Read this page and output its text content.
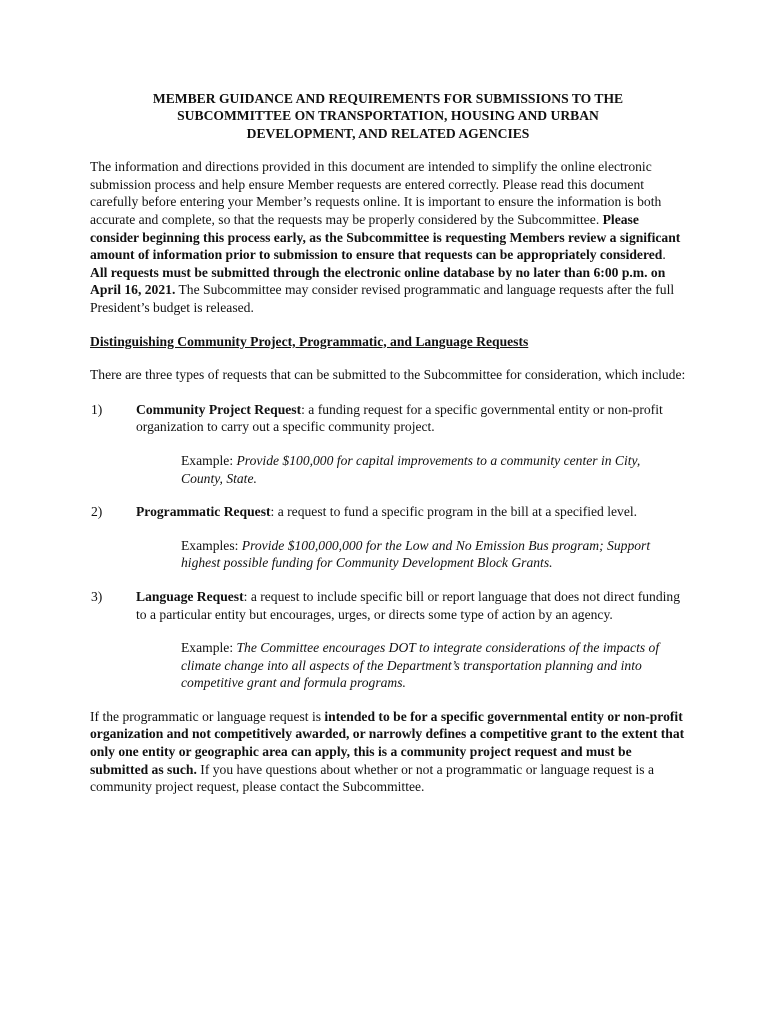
MEMBER GUIDANCE AND REQUIREMENTS FOR SUBMISSIONS TO THE
SUBCOMMITTEE ON TRANSPORTATION, HOUSING AND URBAN
DEVELOPMENT, AND RELATED AGENCIES

The information and directions provided in this document are intended to simplify the online electronic submission process and help ensure Member requests are entered correctly. Please read this document carefully before entering your Member’s requests online. It is important to ensure the information is both accurate and complete, so that the requests may be properly considered by the Subcommittee. Please consider beginning this process early, as the Subcommittee is requesting Members review a significant amount of information prior to submission to ensure that requests can be appropriately considered. All requests must be submitted through the electronic online database by no later than 6:00 p.m. on April 16, 2021. The Subcommittee may consider revised programmatic and language requests after the full President’s budget is released.

Distinguishing Community Project, Programmatic, and Language Requests

There are three types of requests that can be submitted to the Subcommittee for consideration, which include:

1)	Community Project Request: a funding request for a specific governmental entity or non-profit organization to carry out a specific community project.

Example: Provide $100,000 for capital improvements to a community center in City, County, State.

2)	Programmatic Request: a request to fund a specific program in the bill at a specified level.

Examples: Provide $100,000,000 for the Low and No Emission Bus program; Support highest possible funding for Community Development Block Grants.

3)	Language Request: a request to include specific bill or report language that does not direct funding to a particular entity but encourages, urges, or directs some type of action by an agency.

Example: The Committee encourages DOT to integrate considerations of the impacts of climate change into all aspects of the Department’s transportation planning and into competitive grant and formula programs.

If the programmatic or language request is intended to be for a specific governmental entity or non-profit organization and not competitively awarded, or narrowly defines a competitive grant to the extent that only one entity or geographic area can apply, this is a community project request and must be submitted as such. If you have questions about whether or not a programmatic or language request is a community project request, please contact the Subcommittee.
